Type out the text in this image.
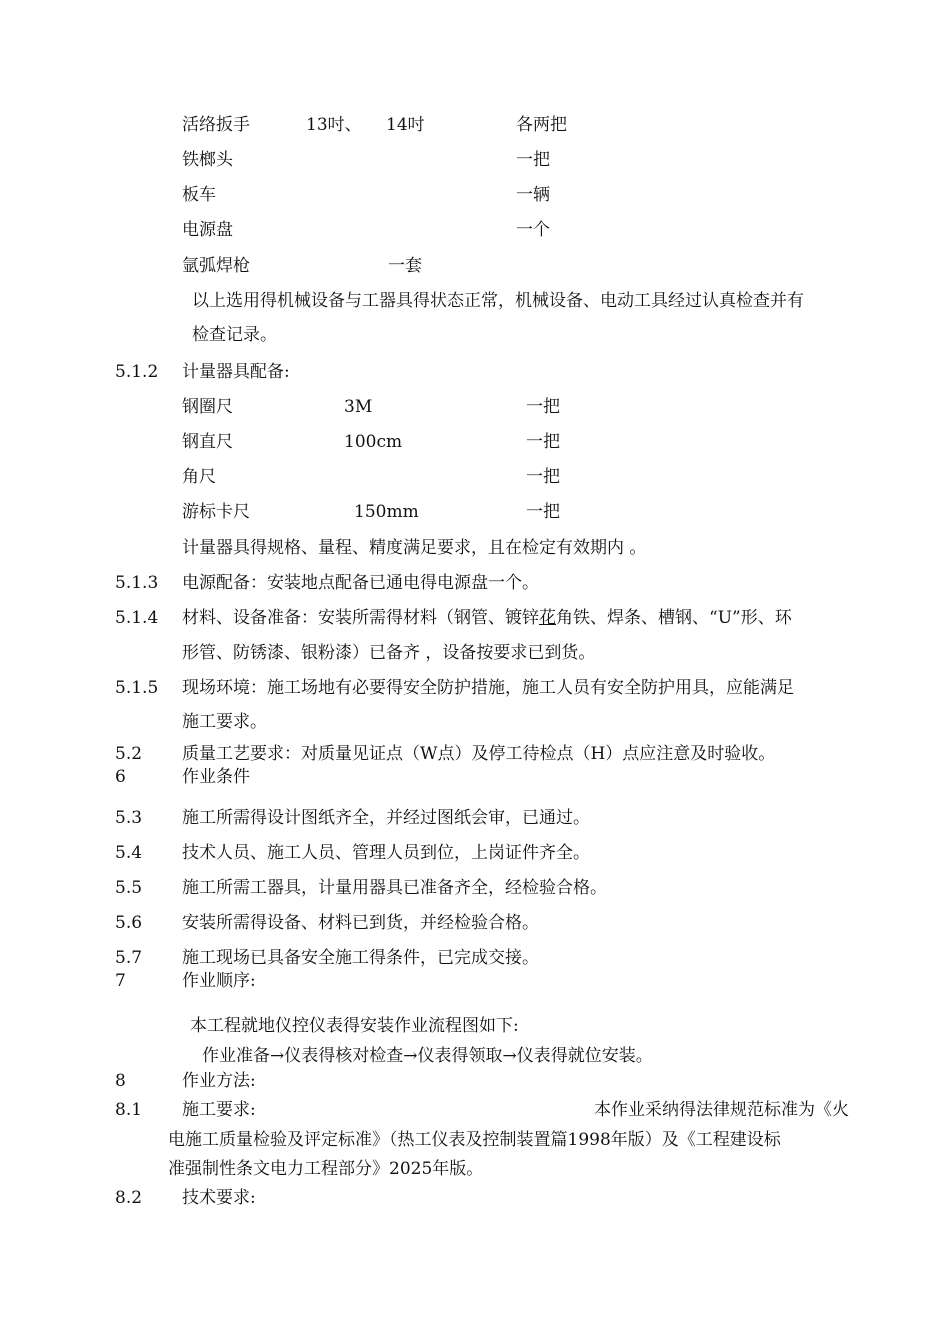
活络扳手	13吋、 14吋	各两把
铁榔头	一把
板车	一辆
电源盘	一个
氩弧焊枪	一套
以上选用得机械设备与工器具得状态正常，机械设备、电动工具经过认真检查并有
检查记录。
5.1.2 计量器具配备:
钢圈尺	3M	一把
钢直尺	100cm	一把
角尺	一把
游标卡尺	150mm	一把
计量器具得规格、量程、精度满足要求，且在检定有效期内 。
5.1.3 电源配备：安装地点配备已通电得电源盘一个。
5.1.4 材料、设备准备：安装所需得材料（钢管、镀锌花角铁、焊条、槽钢、“U”形、环
形管、防锈漆、银粉漆）已备齐 ，设备按要求已到货。
5.1.5 现场环境：施工场地有必要得安全防护措施，施工人员有安全防护用具，应能满足
施工要求。
5.2 质量工艺要求：对质量见证点（W点）及停工待检点（H）点应注意及时验收。
6	作业条件
5.3 施工所需得设计图纸齐全，并经过图纸会审，已通过。
5.4 技术人员、施工人员、管理人员到位，上岗证件齐全。
5.5 施工所需工器具，计量用器具已准备齐全，经检验合格。
5.6 安装所需得设备、材料已到货，并经检验合格。
5.7 施工现场已具备安全施工得条件，已完成交接。
7	作业顺序:
本工程就地仪控仪表得安装作业流程图如下:
作业准备→仪表得核对检查→仪表得领取→仪表得就位安装。
8	作业方法:
8.1 施工要求:	本作业采纳得法律规范标准为《火
电施工质量检验及评定标准》（热工仪表及控制装置篇1998年版）及《工程建设标
准强制性条文电力工程部分》2025年版。
8.2 技术要求:
